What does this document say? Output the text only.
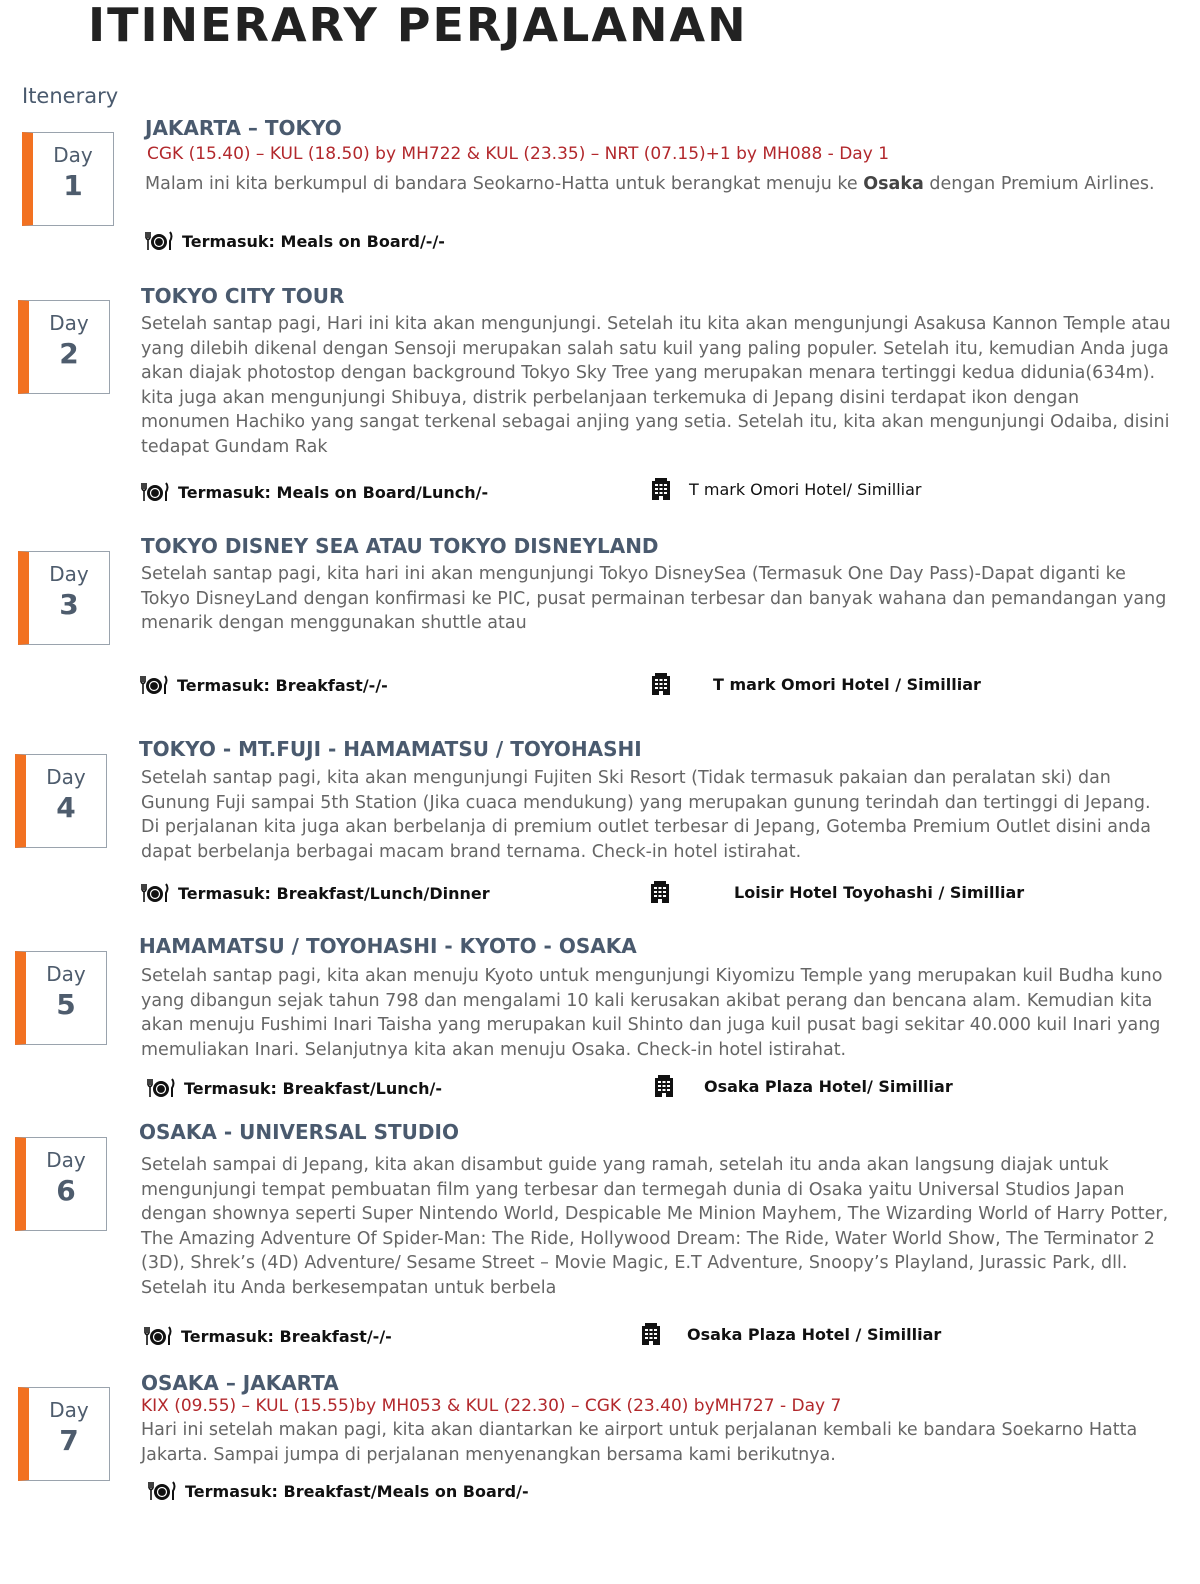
ITINERARY PERJALANAN
Itenerary
Day
1
JAKARTA – TOKYO
CGK (15.40) – KUL (18.50) by MH722 & KUL (23.35) – NRT (07.15)+1 by MH088 - Day 1

Malam ini kita berkumpul di bandara Seokarno-Hatta untuk berangkat menuju ke Osaka dengan Premium Airlines.

Termasuk: Meals on Board/-/-
Day
2
TOKYO CITY TOUR

Setelah santap pagi, Hari ini kita akan mengunjungi. Setelah itu kita akan mengunjungi Asakusa Kannon Temple atau yang dilebih dikenal dengan Sensoji merupakan salah satu kuil yang paling populer. Setelah itu, kemudian Anda juga akan diajak photostop dengan background Tokyo Sky Tree yang merupakan menara tertinggi kedua didunia(634m). kita juga akan mengunjungi Shibuya, distrik perbelanjaan terkemuka di Jepang disini terdapat ikon dengan monumen Hachiko yang sangat terkenal sebagai anjing yang setia. Setelah itu, kita akan mengunjungi Odaiba, disini tedapat Gundam Rak

Termasuk: Meals on Board/Lunch/-	T mark Omori Hotel/ Similliar
Day
3
TOKYO DISNEY SEA ATAU TOKYO DISNEYLAND

Setelah santap pagi, kita hari ini akan mengunjungi Tokyo DisneySea (Termasuk One Day Pass)-Dapat diganti ke Tokyo DisneyLand dengan konfirmasi ke PIC, pusat permainan terbesar dan banyak wahana dan pemandangan yang menarik dengan menggunakan shuttle atau

Termasuk: Breakfast/-/-	T mark Omori Hotel / Similliar
Day
4
TOKYO - MT.FUJI - HAMAMATSU / TOYOHASHI

Setelah santap pagi, kita akan mengunjungi Fujiten Ski Resort (Tidak termasuk pakaian dan peralatan ski) dan Gunung Fuji sampai 5th Station (Jika cuaca mendukung) yang merupakan gunung terindah dan tertinggi di Jepang. Di perjalanan kita juga akan berbelanja di premium outlet terbesar di Jepang, Gotemba Premium Outlet disini anda dapat berbelanja berbagai macam brand ternama. Check-in hotel istirahat.

Termasuk: Breakfast/Lunch/Dinner	Loisir Hotel Toyohashi / Similliar
Day
5
HAMAMATSU / TOYOHASHI - KYOTO - OSAKA

Setelah santap pagi, kita akan menuju Kyoto untuk mengunjungi Kiyomizu Temple yang merupakan kuil Budha kuno yang dibangun sejak tahun 798 dan mengalami 10 kali kerusakan akibat perang dan bencana alam. Kemudian kita akan menuju Fushimi Inari Taisha yang merupakan kuil Shinto dan juga kuil pusat bagi sekitar 40.000 kuil Inari yang memuliakan Inari. Selanjutnya kita akan menuju Osaka. Check-in hotel istirahat.

Termasuk: Breakfast/Lunch/-	Osaka Plaza Hotel/ Similliar
Day
6
OSAKA - UNIVERSAL STUDIO

Setelah sampai di Jepang, kita akan disambut guide yang ramah, setelah itu anda akan langsung diajak untuk mengunjungi tempat pembuatan film yang terbesar dan termegah dunia di Osaka yaitu Universal Studios Japan dengan shownya seperti Super Nintendo World, Despicable Me Minion Mayhem, The Wizarding World of Harry Potter, The Amazing Adventure Of Spider-Man: The Ride, Hollywood Dream: The Ride, Water World Show, The Terminator 2 (3D), Shrek’s (4D) Adventure/ Sesame Street – Movie Magic, E.T Adventure, Snoopy’s Playland, Jurassic Park, dll. Setelah itu Anda berkesempatan untuk berbela

Termasuk: Breakfast/-/-	Osaka Plaza Hotel / Similliar
Day
7
OSAKA – JAKARTA
KIX (09.55) – KUL (15.55)by MH053 & KUL (22.30) – CGK (23.40) byMH727 - Day 7

Hari ini setelah makan pagi, kita akan diantarkan ke airport untuk perjalanan kembali ke bandara Soekarno Hatta Jakarta. Sampai jumpa di perjalanan menyenangkan bersama kami berikutnya.

Termasuk: Breakfast/Meals on Board/-
